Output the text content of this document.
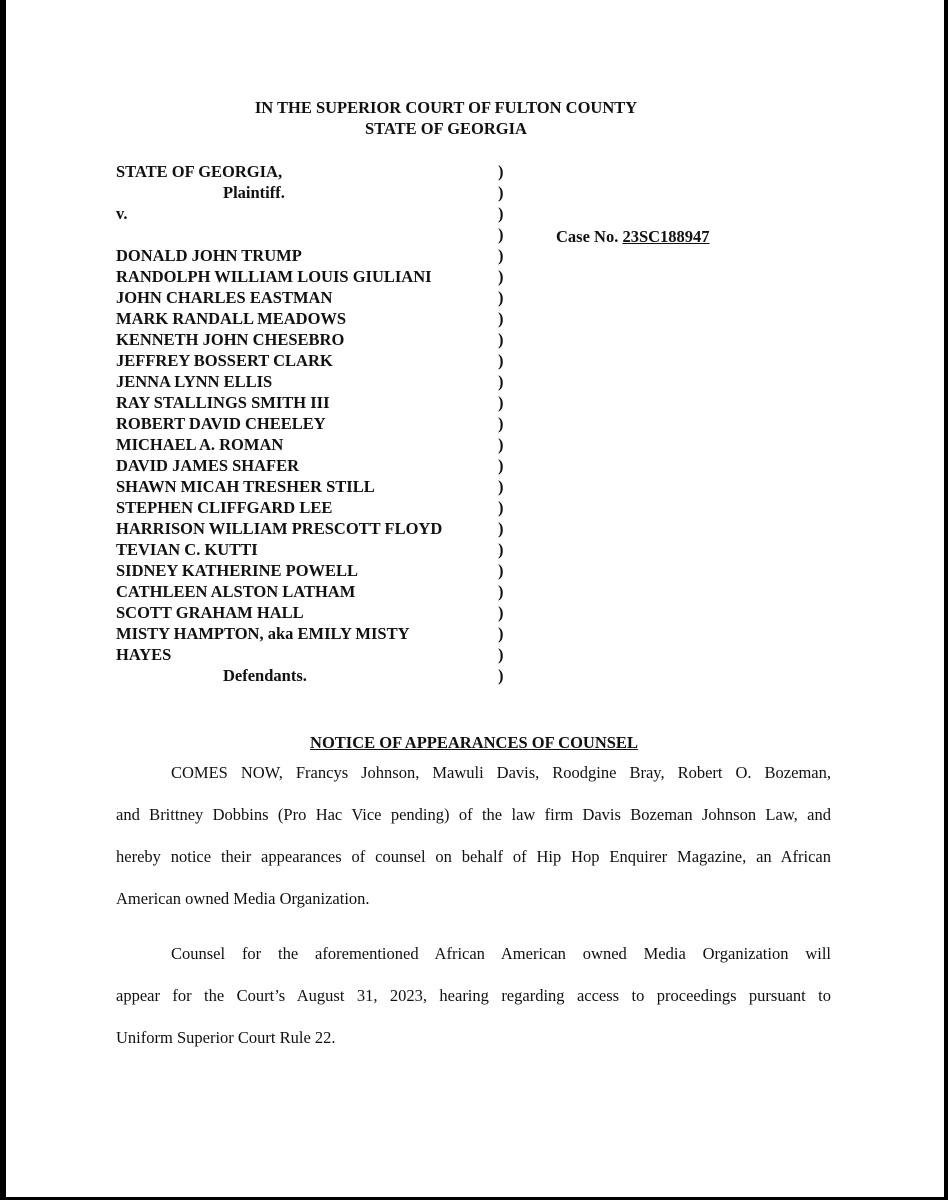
IN THE SUPERIOR COURT OF FULTON COUNTY
STATE OF GEORGIA
STATE OF GEORGIA,
Plaintiff.
v.
DONALD JOHN TRUMP
RANDOLPH WILLIAM LOUIS GIULIANI
JOHN CHARLES EASTMAN
MARK RANDALL MEADOWS
KENNETH JOHN CHESEBRO
JEFFREY BOSSERT CLARK
JENNA LYNN ELLIS
RAY STALLINGS SMITH III
ROBERT DAVID CHEELEY
MICHAEL A. ROMAN
DAVID JAMES SHAFER
SHAWN MICAH TRESHER STILL
STEPHEN CLIFFGARD LEE
HARRISON WILLIAM PRESCOTT FLOYD
TEVIAN C. KUTTI
SIDNEY KATHERINE POWELL
CATHLEEN ALSTON LATHAM
SCOTT GRAHAM HALL
MISTY HAMPTON, aka EMILY MISTY
HAYES
Defendants.
)
)
)
)
)
)
)
)
)
)
)
)
)
)
)
)
)
)
)
)
)
)
)
)
)
Case No. 23SC188947
NOTICE OF APPEARANCES OF COUNSEL
COMES NOW, Francys Johnson, Mawuli Davis, Roodgine Bray, Robert O. Bozeman,
and Brittney Dobbins (Pro Hac Vice pending) of the law firm Davis Bozeman Johnson Law, and
hereby notice their appearances of counsel on behalf of Hip Hop Enquirer Magazine, an African
American owned Media Organization.
Counsel for the aforementioned African American owned Media Organization will
appear for the Court’s August 31, 2023, hearing regarding access to proceedings pursuant to
Uniform Superior Court Rule 22.
